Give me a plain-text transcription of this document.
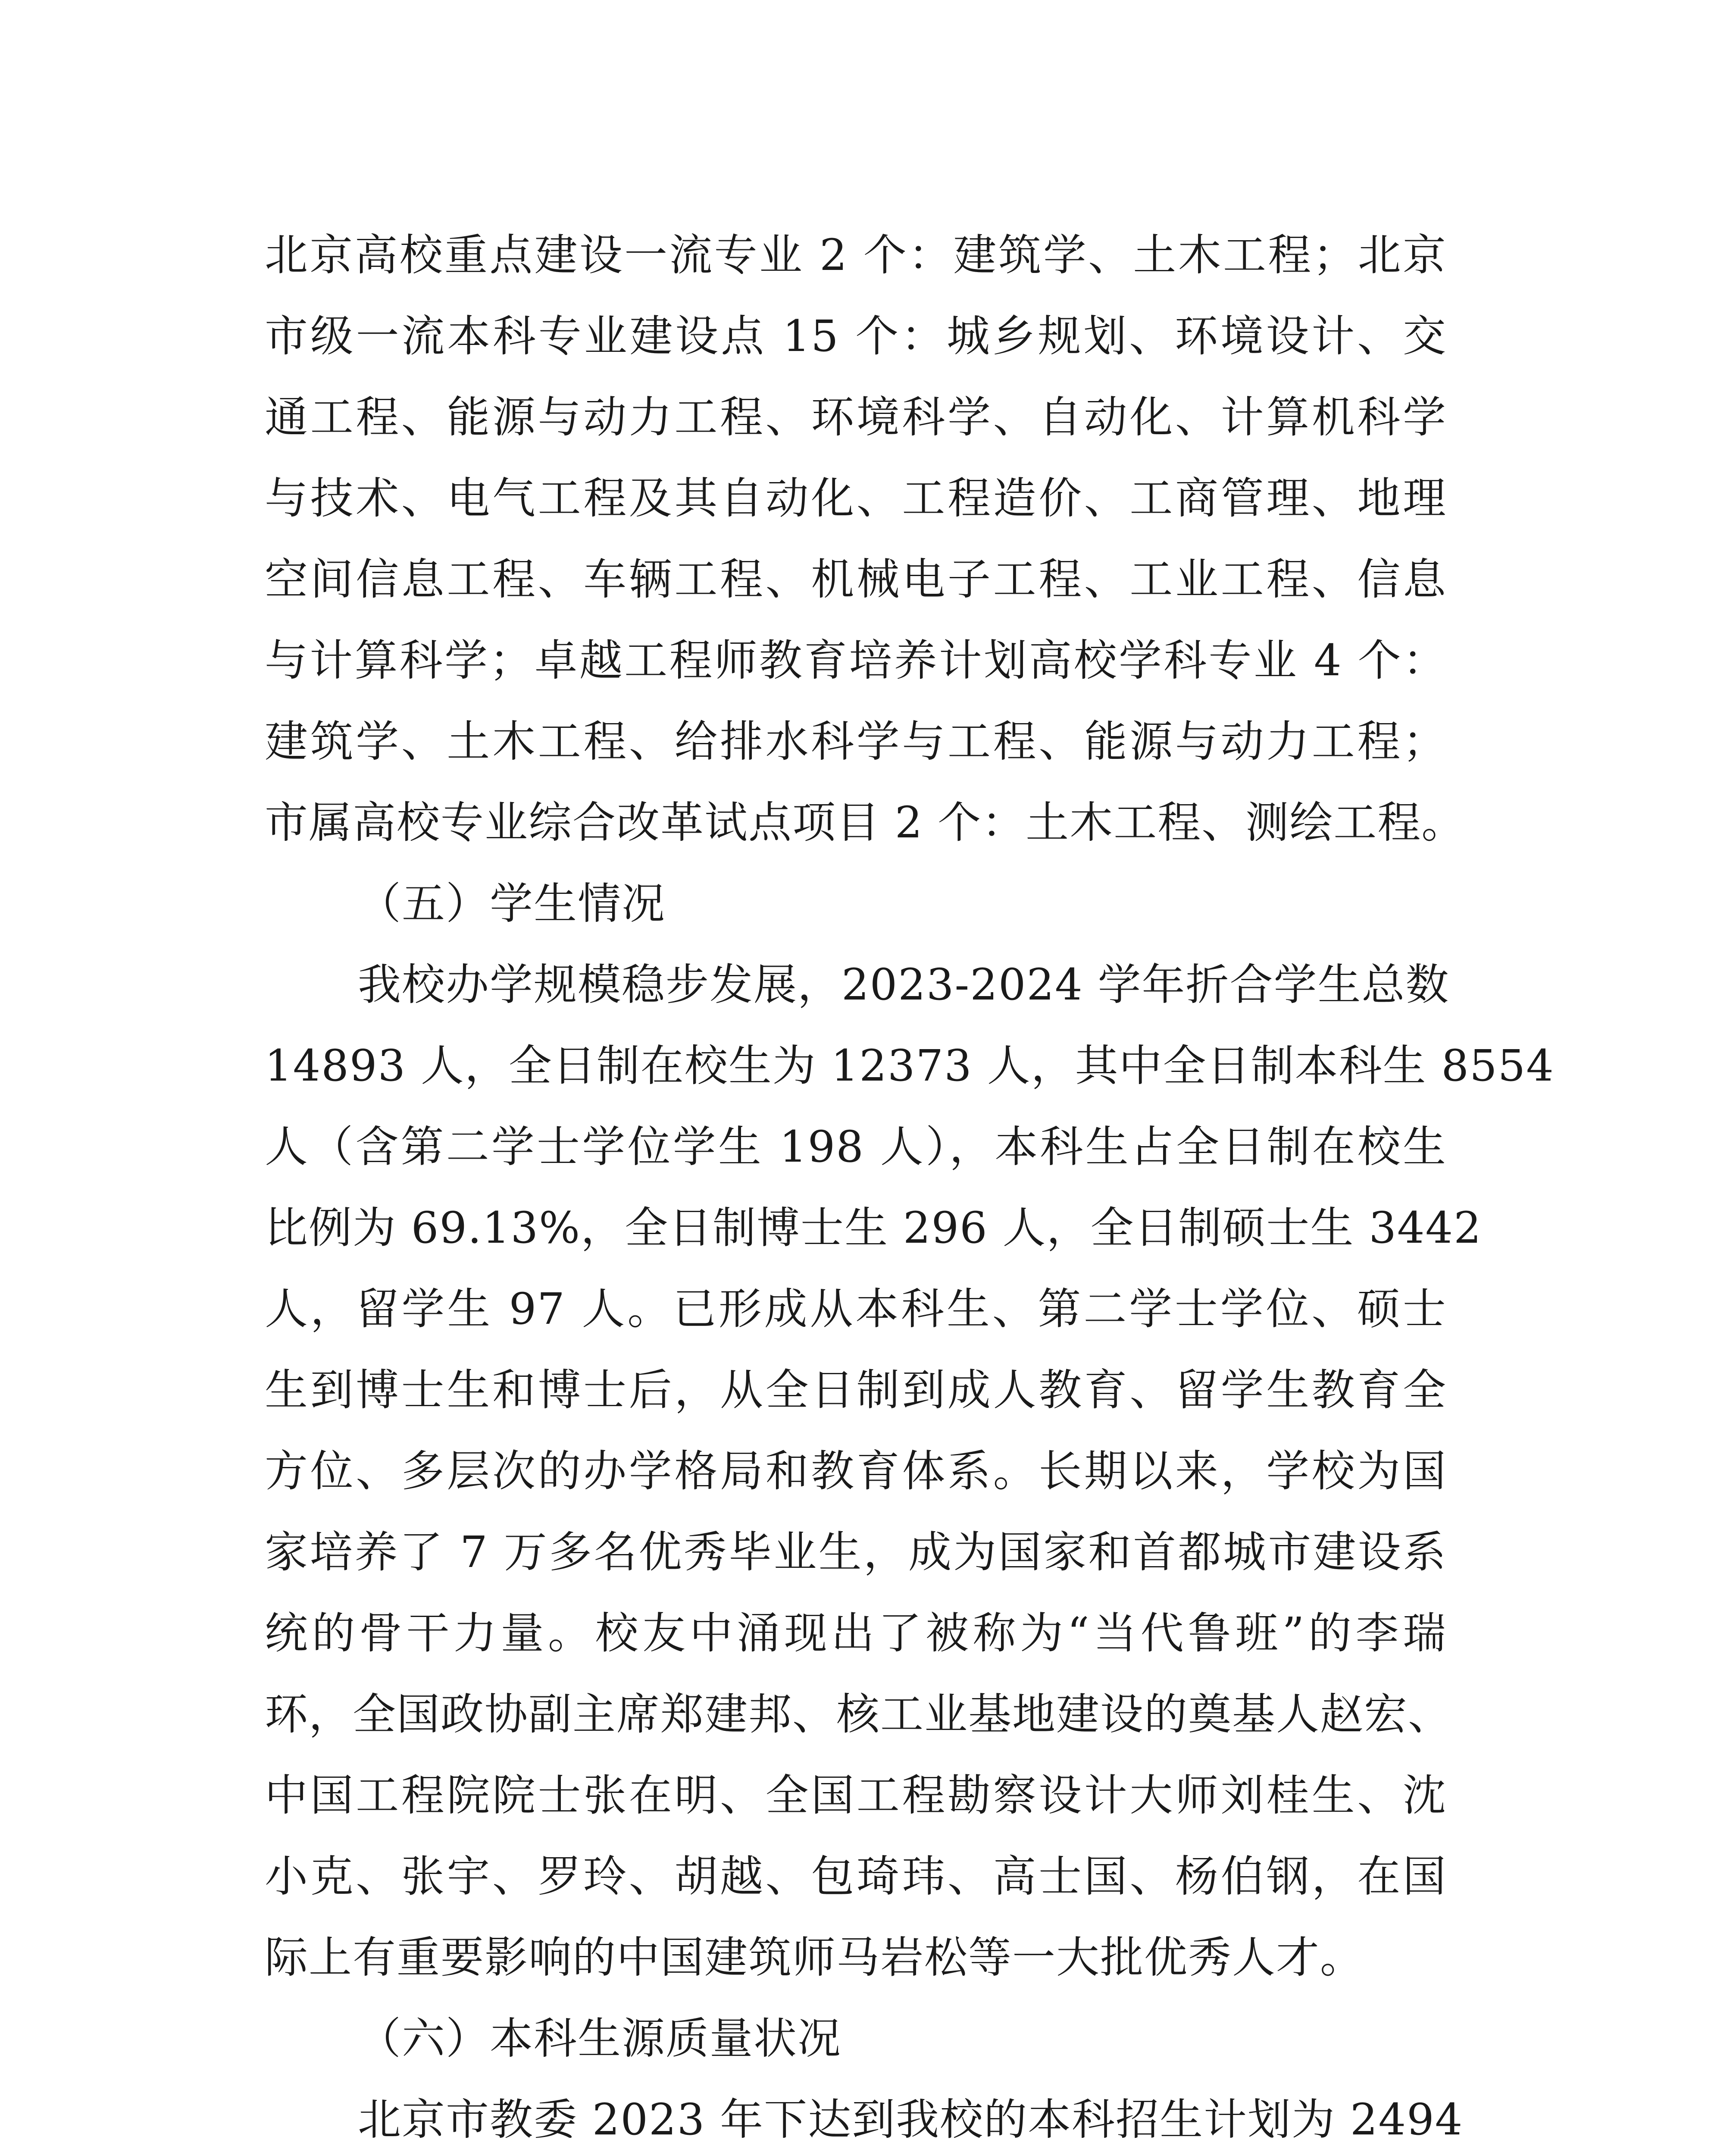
北京高校重点建设一流专业 2 个：建筑学、土木工程；北京
市级一流本科专业建设点 15 个：城乡规划、环境设计、交
通工程、能源与动力工程、环境科学、自动化、计算机科学
与技术、电气工程及其自动化、工程造价、工商管理、地理
空间信息工程、车辆工程、机械电子工程、工业工程、信息
与计算科学；卓越工程师教育培养计划高校学科专业 4 个：
建筑学、土木工程、给排水科学与工程、能源与动力工程；
市属高校专业综合改革试点项目 2 个：土木工程、测绘工程。
（五）学生情况
我校办学规模稳步发展，2023-2024 学年折合学生总数
14893 人，全日制在校生为 12373 人，其中全日制本科生 8554
人（含第二学士学位学生 198 人），本科生占全日制在校生
比例为 69.13%，全日制博士生 296 人，全日制硕士生 3442
人，留学生 97 人。已形成从本科生、第二学士学位、硕士
生到博士生和博士后，从全日制到成人教育、留学生教育全
方位、多层次的办学格局和教育体系。长期以来，学校为国
家培养了 7 万多名优秀毕业生，成为国家和首都城市建设系
统的骨干力量。校友中涌现出了被称为“当代鲁班”的李瑞
环，全国政协副主席郑建邦、核工业基地建设的奠基人赵宏、
中国工程院院士张在明、全国工程勘察设计大师刘桂生、沈
小克、张宇、罗玲、胡越、包琦玮、高士国、杨伯钢，在国
际上有重要影响的中国建筑师马岩松等一大批优秀人才。
（六）本科生源质量状况
北京市教委 2023 年下达到我校的本科招生计划为 2494
